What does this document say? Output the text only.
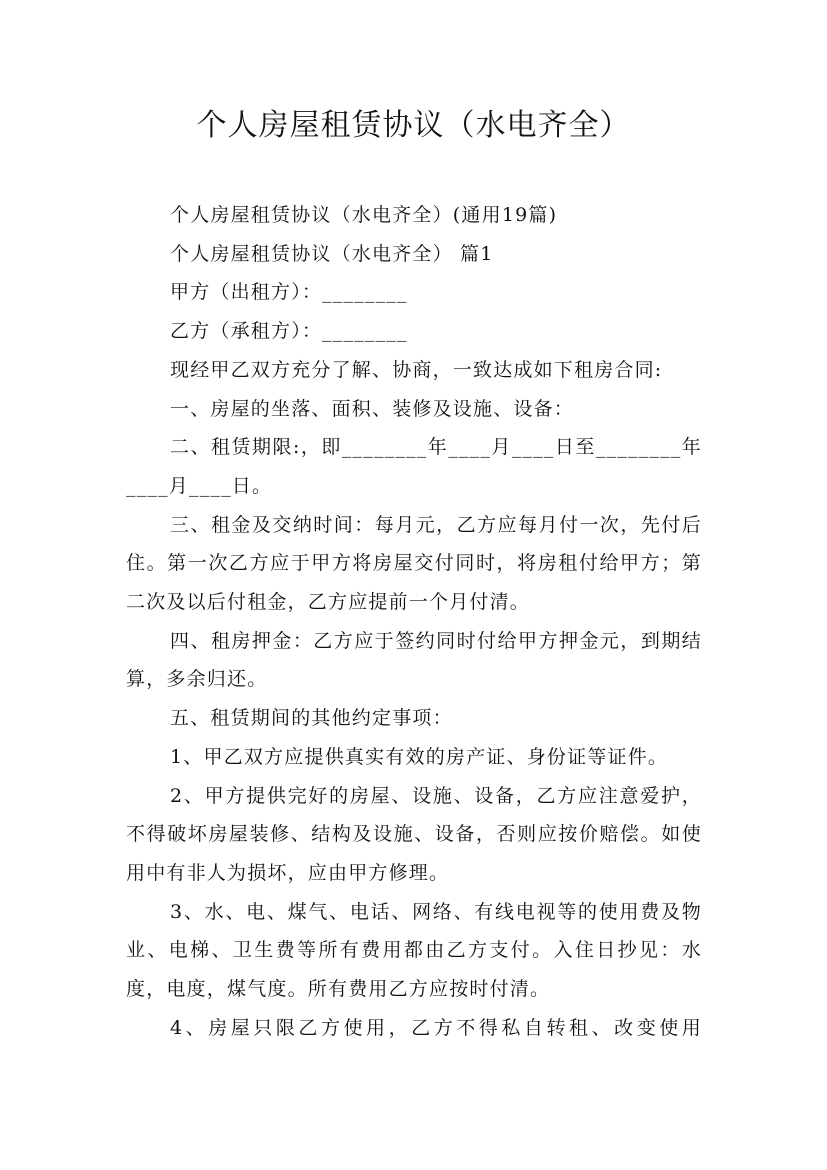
个人房屋租赁协议（水电齐全）

个人房屋租赁协议（水电齐全）(通用19篇)

个人房屋租赁协议（水电齐全） 篇1

甲方（出租方）：________

乙方（承租方）：________

现经甲乙双方充分了解、协商，一致达成如下租房合同:

一、房屋的坐落、面积、装修及设施、设备：

二、租赁期限:，即________年____月____日至________年____月____日。

三、租金及交纳时间：每月元，乙方应每月付一次，先付后住。第一次乙方应于甲方将房屋交付同时，将房租付给甲方；第二次及以后付租金，乙方应提前一个月付清。

四、租房押金：乙方应于签约同时付给甲方押金元，到期结算，多余归还。

五、租赁期间的其他约定事项：

1、甲乙双方应提供真实有效的房产证、身份证等证件。

2、甲方提供完好的房屋、设施、设备，乙方应注意爱护，不得破坏房屋装修、结构及设施、设备，否则应按价赔偿。如使用中有非人为损坏，应由甲方修理。

3、水、电、煤气、电话、网络、有线电视等的使用费及物业、电梯、卫生费等所有费用都由乙方支付。入住日抄见：水度，电度，煤气度。所有费用乙方应按时付清。

4、房屋只限乙方使用，乙方不得私自转租、改变使用
